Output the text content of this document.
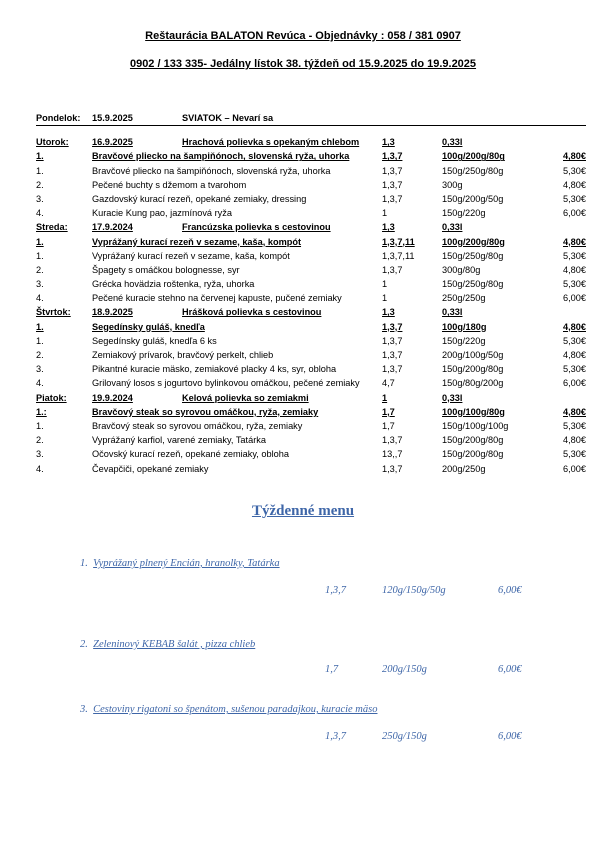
Reštaurácia BALATON Revúca - Objednávky : 058 / 381 0907
0902 / 133 335- Jedálny lístok 38. týždeň od 15.9.2025 do 19.9.2025
Pondelok: 15.9.2025	SVIATOK – Nevarí sa
Utorok:	16.9.2025	Hrachová polievka s opekaným chlebom 1,3	0,33l
1.	Bravčové pliecko na šampiňónoch, slovenská ryža, uhorka	1,3,7	100g/200g/80g	4,80€
1.	Bravčové pliecko na šampiňónoch, slovenská ryža, uhorka	1,3,7	150g/250g/80g	5,30€
2.	Pečené buchty s džemom a tvarohom	1,3,7	300g	4,80€
3.	Gazdovský kurací rezeň, opekané zemiaky, dressing	1,3,7	150g/200g/50g	5,30€
4.	Kuracie Kung pao, jazmínová ryža	1	150g/220g	6,00€
Streda:	17.9.2024	Francúzska polievka s cestovinou	1,3	0,33l
1.	Vyprážaný kurací rezeň v sezame, kaša, kompót	1,3,7,11	100g/200g/80g	4,80€
1.	Vyprážaný kurací rezeň v sezame, kaša, kompót	1,3,7,11	150g/250g/80g	5,30€
2.	Špagety s omáčkou bolognesse, syr	1,3,7	300g/80g	4,80€
3.	Grécka hovädzia roštenka, ryža, uhorka	1	150g/250g/80g	5,30€
4.	Pečené kuracie stehno na červenej kapuste, pučené zemiaky	1	250g/250g	6,00€
Štvrtok: 18.9.2025	Hrášková polievka s cestovinou	1,3	0,33l
1.	Segedínsky guláš, knedľa	1,3,7	100g/180g	4,80€
1.	Segedínsky guláš, knedľa 6 ks	1,3,7	150g/220g	5,30€
2.	Zemiakový prívarok, bravčový perkelt, chlieb	1,3,7	200g/100g/50g	4,80€
3.	Pikantné kuracie mäsko, zemiakové placky 4 ks, syr, obloha	1,3,7	150g/200g/80g	5,30€
4.	Grilovaný losos s jogurtovo bylinkovou omáčkou, pečené zemiaky 4,7	150g/80g/200g	6,00€
Piatok:	19.9.2024	Kelová polievka so zemiakmi	1	0,33l
1.:	Bravčový steak so syrovou omáčkou, ryža, zemiaky	1,7	100g/100g/80g	4,80€
1.	Bravčový steak so syrovou omáčkou, ryža, zemiaky	1,7	150g/100g/100g	5,30€
2.	Vyprážaný karfiol, varené zemiaky, Tatárka	1,3,7	150g/200g/80g	4,80€
3.	Očovský kurací rezeň, opekané zemiaky, obloha	13,,7	150g/200g/80g	5,30€
4.	Čevapčiči, opekané zemiaky	1,3,7	200g/250g	6,00€
Týždenné menu
1. Vyprážaný plnený Encián, hranolky, Tatárka
1,3,7	120g/150g/50g	6,00€
2. Zeleninový KEBAB šalát , pizza chlieb
1,7	200g/150g	6,00€
3. Cestoviny rigatoni so špenátom, sušenou paradajkou, kuracie mäso
1,3,7	250g/150g	6,00€
